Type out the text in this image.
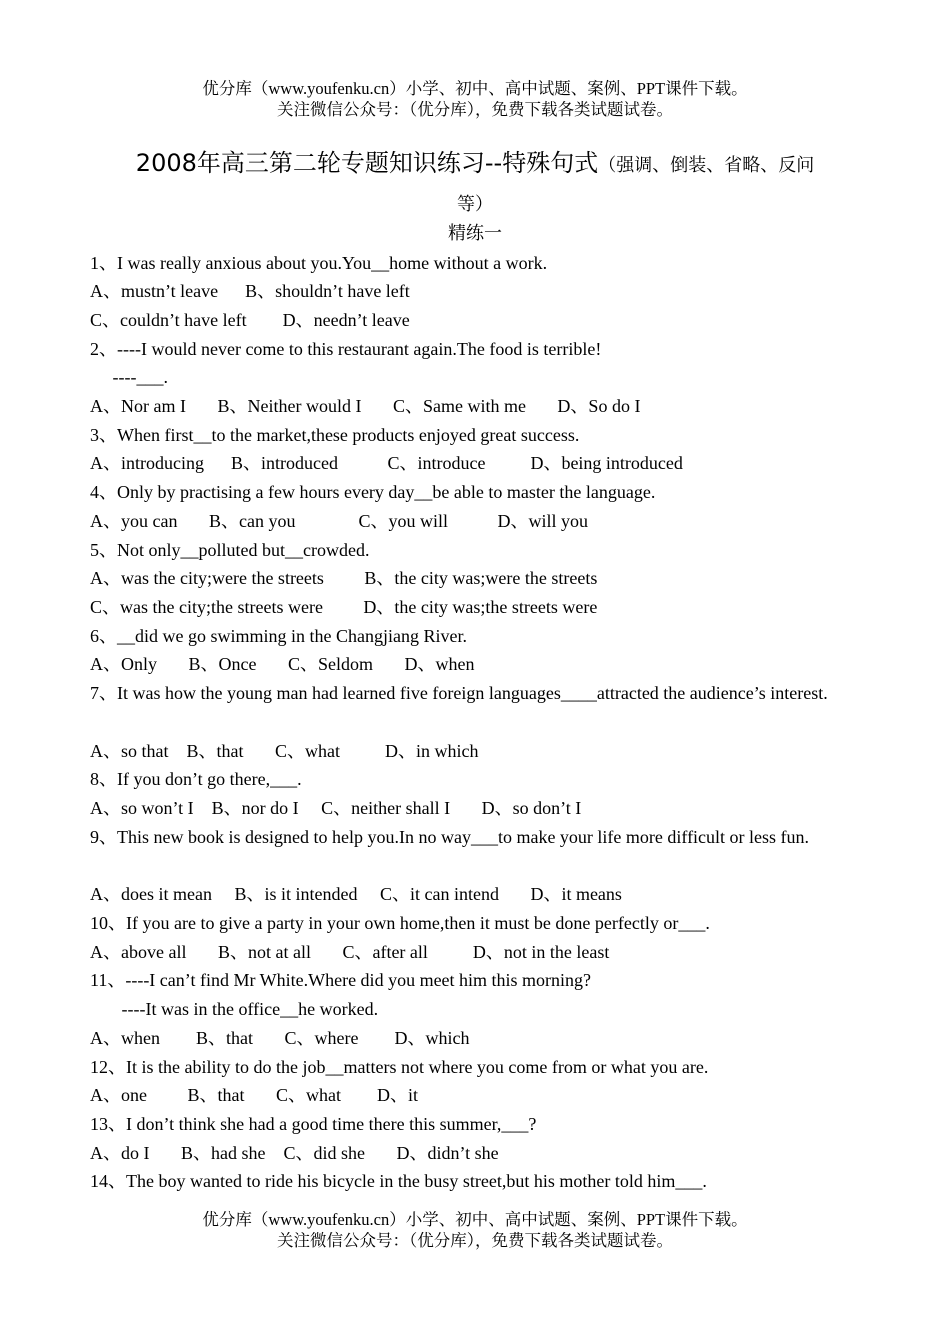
优分库（www.youfenku.cn）小学、初中、高中试题、案例、PPT课件下载。
关注微信公众号：（优分库），免费下载各类试题试卷。
2008年高三第二轮专题知识练习--特殊句式（强调、倒装、省略、反问
等）
精练一
1、I was really anxious about you.You__home without a work.
A、mustn’t leave      B、shouldn’t have left
C、couldn’t have left        D、needn’t leave
2、----I would never come to this restaurant again.The food is terrible!
----___.
A、Nor am I       B、Neither would I       C、Same with me       D、So do I
3、When first__to the market,these products enjoyed great success.
A、introducing      B、introduced           C、introduce          D、being introduced
4、Only by practising a few hours every day__be able to master the language.
A、you can       B、can you              C、you will           D、will you
5、Not only__polluted but__crowded.
A、was the city;were the streets         B、the city was;were the streets
C、was the city;the streets were         D、the city was;the streets were
6、__did we go swimming in the Changjiang River.
A、Only       B、Once       C、Seldom       D、when
7、It was how the young man had learned five foreign languages____attracted the audience’s interest.
A、so that    B、that       C、what          D、in which
8、If you don’t go there,___.
A、so won’t I    B、nor do I     C、neither shall I       D、so don’t I
9、This new book is designed to help you.In no way___to make your life more difficult or less fun.
A、does it mean     B、is it intended     C、it can intend       D、it means
10、If you are to give a party in your own home,then it must be done perfectly or___.
A、above all       B、not at all       C、after all          D、not in the least
11、----I can’t find Mr White.Where did you meet him this morning?
----It was in the office__he worked.
A、when        B、that       C、where        D、which
12、It is the ability to do the job__matters not where you come from or what you are.
A、one         B、that       C、what        D、it
13、I don’t think she had a good time there this summer,___?
A、do I       B、had she    C、did she       D、didn’t she
14、The boy wanted to ride his bicycle in the busy street,but his mother told him___.
优分库（www.youfenku.cn）小学、初中、高中试题、案例、PPT课件下载。
关注微信公众号：（优分库），免费下载各类试题试卷。
